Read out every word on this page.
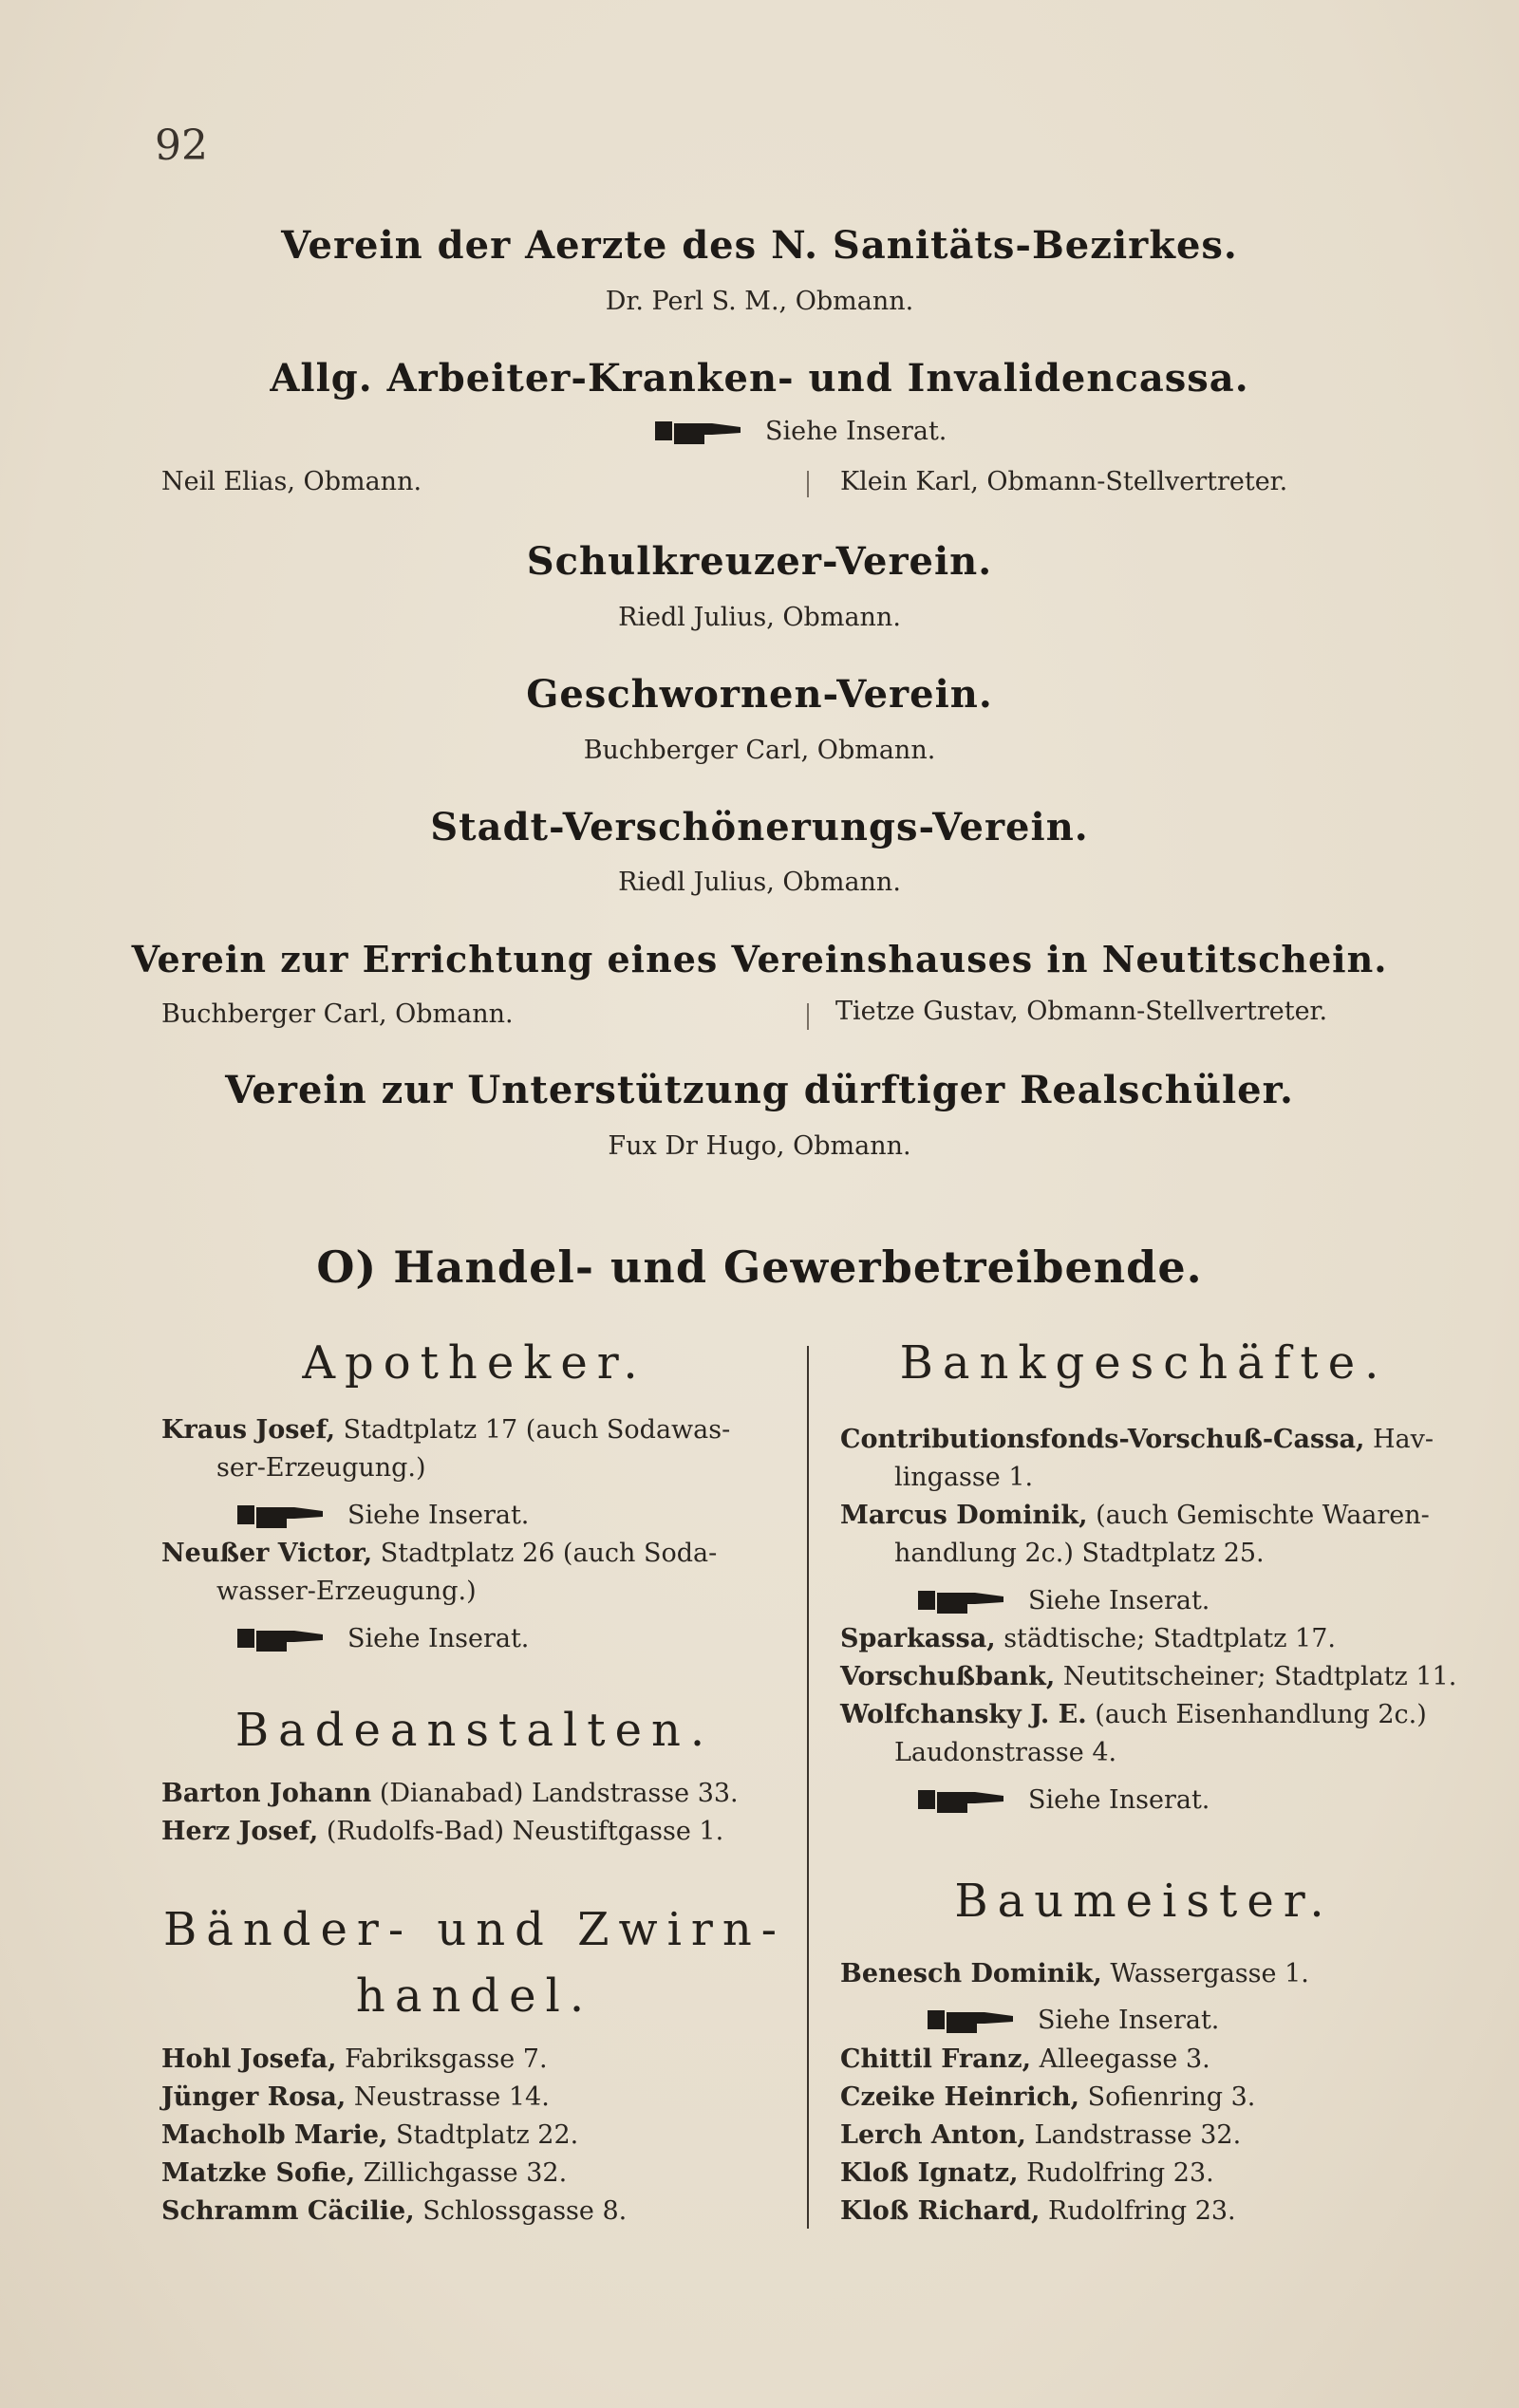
92
Verein der Aerzte des N. Sanitäts-Bezirkes.
Dr. Perl S. M., Obmann.
Allg. Arbeiter-Kranken- und Invalidencassa.
Siehe Inserat.
Neil Elias, Obmann.	Klein Karl, Obmann-Stellvertreter.
Schulkreuzer-Verein.
Riedl Julius, Obmann.
Geschwornen-Verein.
Buchberger Carl, Obmann.
Stadt-Verschönerungs-Verein.
Riedl Julius, Obmann.
Verein zur Errichtung eines Vereinshauses in Neutitschein.
Buchberger Carl, Obmann.	Tietze Gustav, Obmann-Stellvertreter.
Verein zur Unterstützung dürftiger Realschüler.
Fux Dr Hugo, Obmann.
O) Handel- und Gewerbetreibende.
Apotheker.
Kraus Josef, Stadtplatz 17 (auch Sodawas-
ser-Erzeugung.)
Siehe Inserat.
Neußer Victor, Stadtplatz 26 (auch Soda-
wasser-Erzeugung.)
Siehe Inserat.
Badeanstalten.
Barton Johann (Dianabad) Landstrasse 33.
Herz Josef, (Rudolfs-Bad) Neustiftgasse 1.
Bänder- und Zwirn-
handel.
Hohl Josefa, Fabriksgasse 7.
Jünger Rosa, Neustrasse 14.
Macholb Marie, Stadtplatz 22.
Matzke Sofie, Zillichgasse 32.
Schramm Cäcilie, Schlossgasse 8.
Bankgeschäfte.
Contributionsfonds-Vorschuß-Cassa, Hav-
lingasse 1.
Marcus Dominik, (auch Gemischte Waaren-
handlung 2c.) Stadtplatz 25.
Siehe Inserat.
Sparkassa, städtische; Stadtplatz 17.
Vorschußbank, Neutitscheiner; Stadtplatz 11.
Wolfchansky J. E. (auch Eisenhandlung 2c.)
Laudonstrasse 4.
Siehe Inserat.
Baumeister.
Benesch Dominik, Wassergasse 1.
Siehe Inserat.
Chittil Franz, Alleegasse 3.
Czeike Heinrich, Sofienring 3.
Lerch Anton, Landstrasse 32.
Kloß Ignatz, Rudolfring 23.
Kloß Richard, Rudolfring 23.
